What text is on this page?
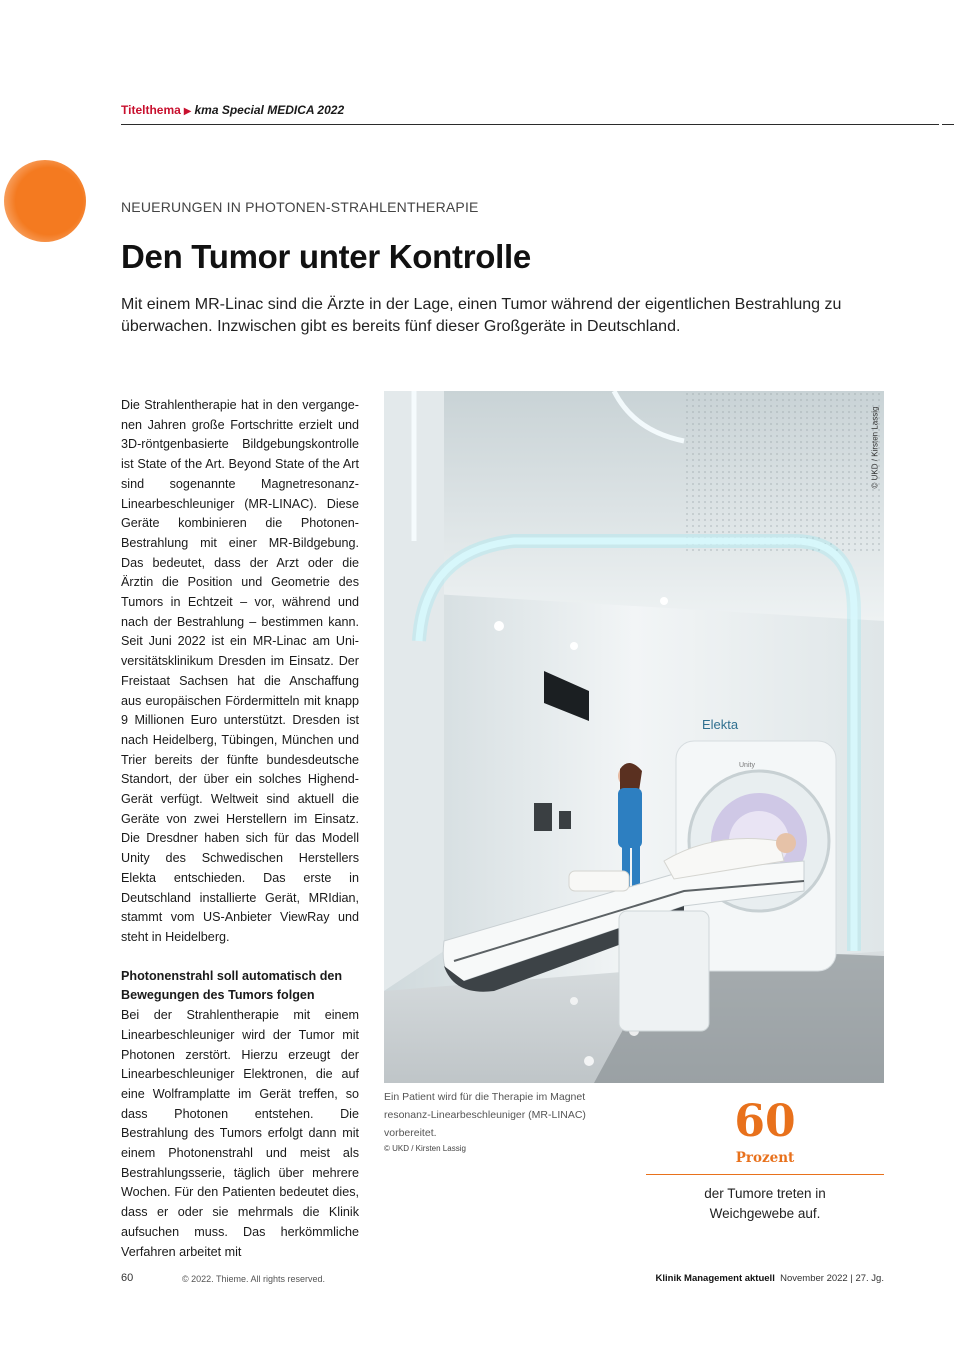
Titelthema ▶ kma Special MEDICA 2022
NEUERUNGEN IN PHOTONEN-STRAHLENTHERAPIE
Den Tumor unter Kontrolle

Mit einem MR-Linac sind die Ärzte in der Lage, einen Tumor während der eigentlichen Bestrahlung zu überwachen. Inzwischen gibt es bereits fünf dieser Großgeräte in Deutschland.

Die Strahlentherapie hat in den vergangenen Jahren große Fortschritte erzielt und 3D-röntgenbasierte Bildgebungskontrolle ist State of the Art. Beyond State of the Art sind sogenannte Magnetresonanz-Linearbeschleuniger (MR-LINAC). Diese Geräte kombinieren die Photonen-Bestrahlung mit einer MR-Bildgebung. Das bedeutet, dass der Arzt oder die Ärztin die Position und Geometrie des Tumors in Echtzeit – vor, während und nach der Bestrahlung – bestimmen kann. Seit Juni 2022 ist ein MR-Linac am Universitätsklinikum Dresden im Einsatz. Der Freistaat Sachsen hat die Anschaffung aus europäischen Fördermitteln mit knapp 9 Millionen Euro unterstützt. Dresden ist nach Heidelberg, Tübingen, München und Trier bereits der fünfte bundesdeutsche Standort, der über ein solches Highend-Gerät verfügt. Weltweit sind aktuell die Geräte von zwei Herstellern im Einsatz. Die Dresdner haben sich für das Modell Unity des Schwedischen Herstellers Elekta entschieden. Das erste in Deutschland installierte Gerät, MRIdian, stammt vom US-Anbieter ViewRay und steht in Heidelberg.

Photonenstrahl soll automatisch den Bewegungen des Tumors folgen

Bei der Strahlentherapie mit einem Linearbeschleuniger wird der Tumor mit Photonen zerstört. Hierzu erzeugt der Linearbeschleuniger Elektronen, die auf eine Wolframplatte im Gerät treffen, so dass Photonen entstehen. Die Bestrahlung des Tumors erfolgt dann mit einem Photonenstrahl und meist als Bestrahlungsserie, täglich über mehrere Wochen. Für den Patienten bedeutet dies, dass er oder sie mehrmals die Klinik aufsuchen muss. Das herkömmliche Verfahren arbeitet mit

Elekta
Unity
© UKD / Kirsten Lassig

Ein Patient wird für die Therapie im Magnet resonanz-Linearbeschleuniger (MR-LINAC) vorbereitet.

© UKD / Kirsten Lassig
60
Prozent
der Tumore treten in Weichgewebe auf.
60	© 2022. Thieme. All rights reserved.	Klinik Management aktuell November 2022 | 27. Jg.
